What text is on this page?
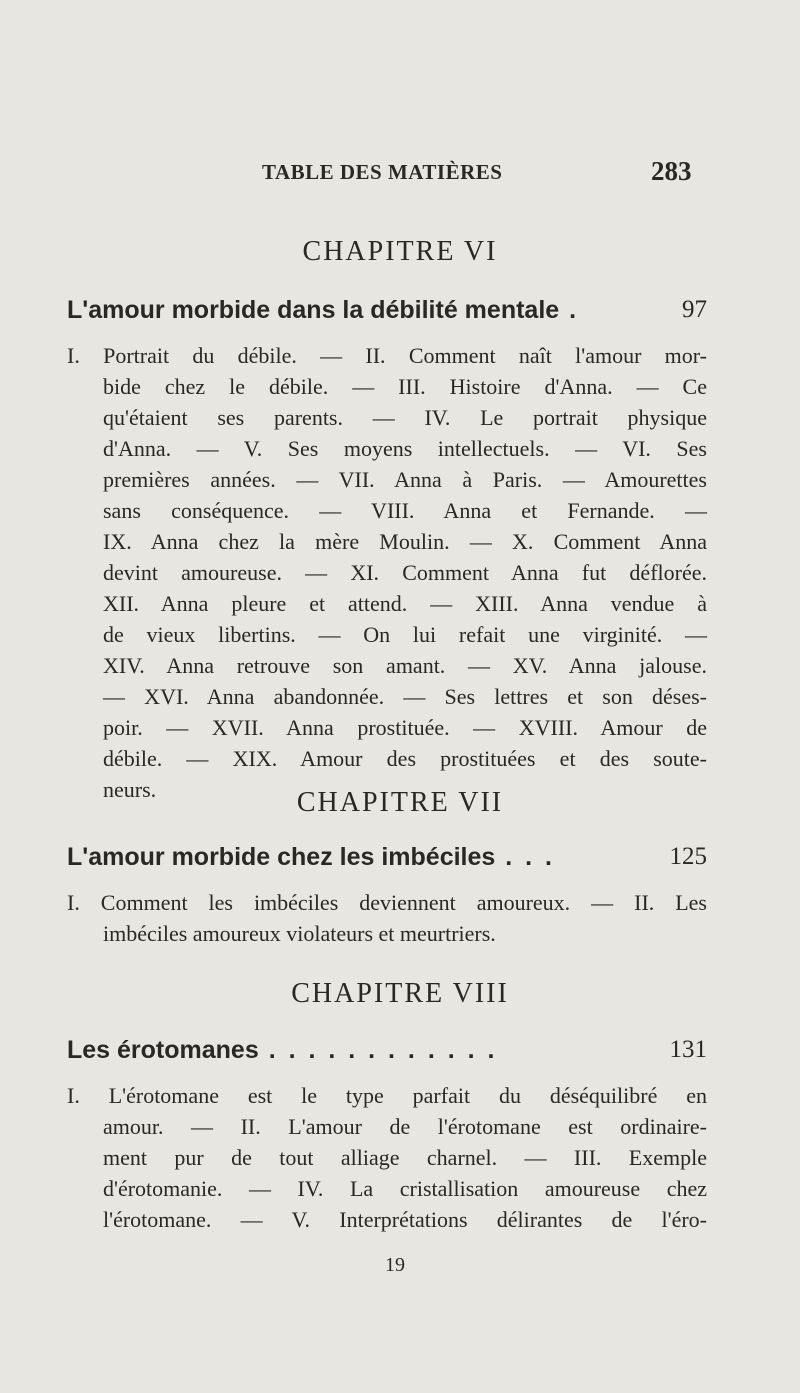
TABLE DES MATIÈRES	283
CHAPITRE VI
L'amour morbide dans la débilité mentale .	97
I. Portrait du débile. — II. Comment naît l'amour mor-
bide chez le débile. — III. Histoire d'Anna. — Ce
qu'étaient ses parents. — IV. Le portrait physique
d'Anna. — V. Ses moyens intellectuels. — VI. Ses
premières années. — VII. Anna à Paris. — Amourettes
sans conséquence. — VIII. Anna et Fernande. —
IX. Anna chez la mère Moulin. — X. Comment Anna
devint amoureuse. — XI. Comment Anna fut déflorée.
XII. Anna pleure et attend. — XIII. Anna vendue à
de vieux libertins. — On lui refait une virginité. —
XIV. Anna retrouve son amant. — XV. Anna jalouse.
— XVI. Anna abandonnée. — Ses lettres et son déses-
poir. — XVII. Anna prostituée. — XVIII. Amour de
débile. — XIX. Amour des prostituées et des soute-
neurs.	CHAPITRE VII
L'amour morbide chez les imbéciles . . .	125
I. Comment les imbéciles deviennent amoureux. — II. Les
imbéciles amoureux violateurs et meurtriers.
CHAPITRE VIII
Les érotomanes . . . . . . . . . . . .	131
I. L'érotomane est le type parfait du déséquilibré en
amour. — II. L'amour de l'érotomane est ordinaire-
ment pur de tout alliage charnel. — III. Exemple
d'érotomanie. — IV. La cristallisation amoureuse chez
l'érotomane. — V. Interprétations délirantes de l'éro-
19
